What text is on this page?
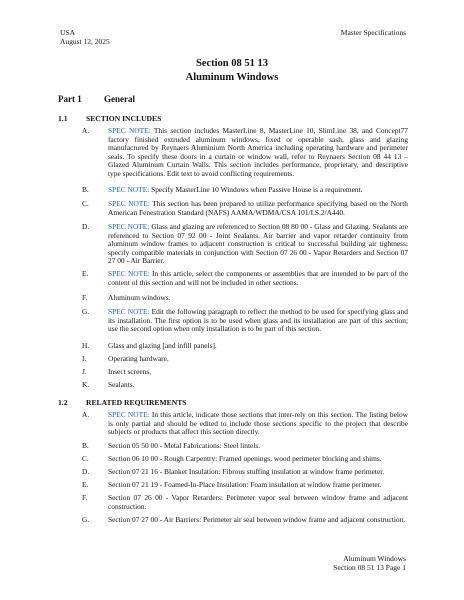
USA
August 12, 2025
Master Specifications
Section 08 51 13
Aluminum Windows
Part 1 General
1.1 SECTION INCLUDES
A.	SPEC NOTE: This section includes MasterLine 8, MasterLine 10, SlimLine 38, and Concept77 factory finished extruded aluminum windows, fixed or operable sash, glass and glazing manufactured by Reynaers Aluminium North America including operating hardware and perimeter seals. To specify these doors in a curtain or window wall, refer to Reynaers Section 08 44 13 – Glazed Aluminum Curtain Walls. This section includes performance, proprietary, and descriptive type specifications. Edit text to avoid conflicting requirements.
B.	SPEC NOTE: Specify MasterLine 10 Windows when Passive House is a requirement.
C.	SPEC NOTE: This section has been prepared to utilize performance specifying based on the North American Fenestration Standard (NAFS) AAMA/WDMA/CSA 101/I.S.2/A440.
D.	SPEC NOTE: Glass and glazing are referenced to Section 08 80 00 - Glass and Glazing. Sealants are referenced to Section 07 92 00 - Joint Sealants. Air barrier and vapor retarder continuity from aluminum window frames to adjacent construction is critical to successful building air tightness; specify compatible materials in conjunction with Section 07 26 00 - Vapor Retarders and Section 07 27 00 - Air Barrier.
E.	SPEC NOTE: In this article, select the components or assemblies that are intended to be part of the content of this section and will not be included in other sections.
F.	Aluminum windows.
G.	SPEC NOTE: Edit the following paragraph to reflect the method to be used for specifying glass and its installation. The first option is to be used when glass and its installation are part of this section; use the second option when only installation is to be part of this section.
H.	Glass and glazing [and infill panels].
I.	Operating hardware.
J.	Insect screens.
K.	Sealants.
1.2 RELATED REQUIREMENTS
A.	SPEC NOTE: In this article, indicate those sections that inter-rely on this section. The listing below is only partial and should be edited to include those sections specific to the project that describe subjects or products that affect this section directly.
B.	Section 05 50 00 - Metal Fabrications: Steel lintels.
C.	Section 06 10 00 - Rough Carpentry: Framed openings, wood perimeter blocking and shims.
D.	Section 07 21 16 - Blanket Insulation: Fibrous stuffing insulation at window frame perimeter.
E.	Section 07 21 19 - Foamed-In-Place Insulation: Foam insulation at window frame perimeter.
F.	Section 07 26 00 - Vapor Retarders: Perimeter vapor seal between window frame and adjacent construction.
G.	Section 07 27 00 - Air Barriers: Perimeter air seal between window frame and adjacent construction.
Aluminum Windows
Section 08 51 13 Page 1
